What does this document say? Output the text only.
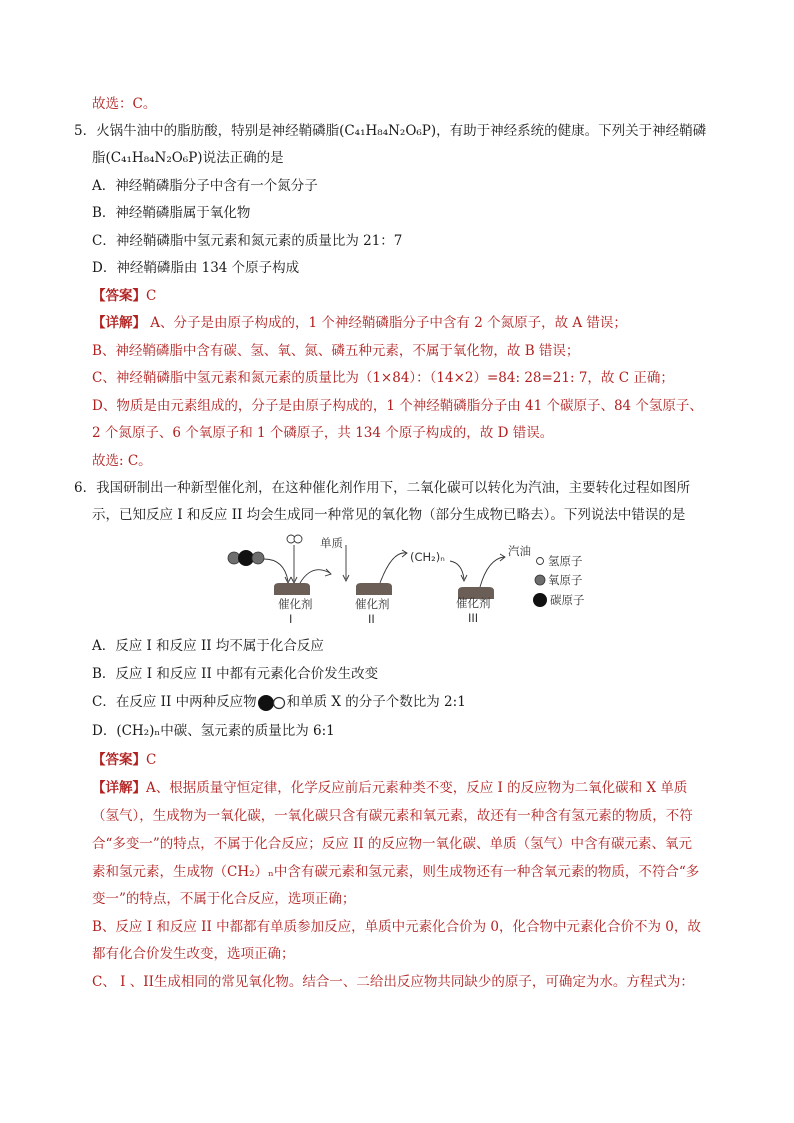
故选：C。
5．火锅牛油中的脂肪酸，特别是神经鞘磷脂(C₄₁H₈₄N₂O₆P)，有助于神经系统的健康。下列关于神经鞘磷
脂(C₄₁H₈₄N₂O₆P)说法正确的是
A．神经鞘磷脂分子中含有一个氮分子
B．神经鞘磷脂属于氧化物
C．神经鞘磷脂中氢元素和氮元素的质量比为 21：7
D．神经鞘磷脂由 134 个原子构成
【答案】C
【详解】 A、分子是由原子构成的，1 个神经鞘磷脂分子中含有 2 个氮原子，故 A 错误；
B、神经鞘磷脂中含有碳、氢、氧、氮、磷五种元素，不属于氧化物，故 B 错误；
C、神经鞘磷脂中氢元素和氮元素的质量比为（1×84）：（14×2）=84: 28=21: 7，故 C 正确；
D、物质是由元素组成的，分子是由原子构成的，1 个神经鞘磷脂分子由 41 个碳原子、84 个氢原子、
2 个氮原子、6 个氧原子和 1 个磷原子，共 134 个原子构成的，故 D 错误。
故选: C。
6．我国研制出一种新型催化剂，在这种催化剂作用下，二氧化碳可以转化为汽油，主要转化过程如图所
示，已知反应 I 和反应 II 均会生成同一种常见的氧化物（部分生成物已略去）。下列说法中错误的是
催化剂
I
单质
催化剂
II
(CH₂)ₙ
催化剂
III
汽油
氢原子
氧原子
碳原子
A．反应 I 和反应 II 均不属于化合反应
B．反应 I 和反应 II 中都有元素化合价发生改变
C．在反应 II 中两种反应物 和单质 X 的分子个数比为 2:1
D．(CH₂)ₙ中碳、氢元素的质量比为 6:1
【答案】C
【详解】A、根据质量守恒定律，化学反应前后元素种类不变，反应 I 的反应物为二氧化碳和 X 单质
（氢气），生成物为一氧化碳，一氧化碳只含有碳元素和氧元素，故还有一种含有氢元素的物质，不符
合“多变一”的特点，不属于化合反应；反应 II 的反应物一氧化碳、单质（氢气）中含有碳元素、氧元
素和氢元素，生成物（CH₂）ₙ中含有碳元素和氢元素，则生成物还有一种含氧元素的物质，不符合“多
变一”的特点，不属于化合反应，选项正确；
B、反应 I 和反应 II 中都都有单质参加反应，单质中元素化合价为 0，化合物中元素化合价不为 0，故
都有化合价发生改变，选项正确；
C、 I 、II生成相同的常见氧化物。结合一、二给出反应物共同缺少的原子，可确定为水。方程式为：
